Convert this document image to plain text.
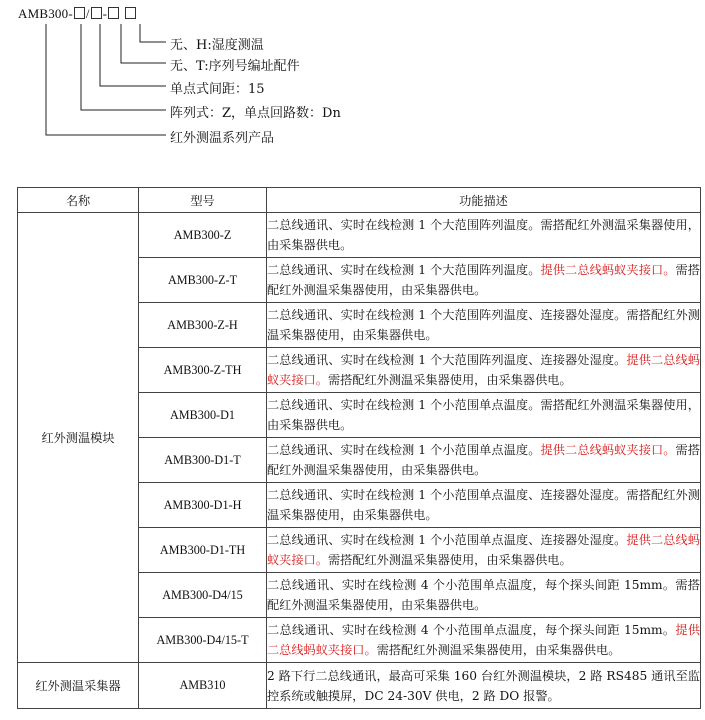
AMB300- / -
无、H:湿度测温
无、T:序列号编址配件
单点式间距：15
阵列式：Z，单点回路数：Dn
红外测温系列产品
名称	型号	功能描述
红外测温模块	AMB300-Z	二总线通讯、实时在线检测 1 个大范围阵列温度。需搭配红外测温采集器使用，由采集器供电。
	AMB300-Z-T	二总线通讯、实时在线检测 1 个大范围阵列温度。提供二总线蚂蚁夹接口。需搭配红外测温采集器使用，由采集器供电。
	AMB300-Z-H	二总线通讯、实时在线检测 1 个大范围阵列温度、连接器处湿度。需搭配红外测温采集器使用，由采集器供电。
	AMB300-Z-TH	二总线通讯、实时在线检测 1 个大范围阵列温度、连接器处湿度。提供二总线蚂蚁夹接口。需搭配红外测温采集器使用，由采集器供电。
	AMB300-D1	二总线通讯、实时在线检测 1 个小范围单点温度。需搭配红外测温采集器使用，由采集器供电。
	AMB300-D1-T	二总线通讯、实时在线检测 1 个小范围单点温度。提供二总线蚂蚁夹接口。需搭配红外测温采集器使用，由采集器供电。
	AMB300-D1-H	二总线通讯、实时在线检测 1 个小范围单点温度、连接器处湿度。需搭配红外测温采集器使用，由采集器供电。
	AMB300-D1-TH	二总线通讯、实时在线检测 1 个小范围单点温度、连接器处湿度。提供二总线蚂蚁夹接口。需搭配红外测温采集器使用，由采集器供电。
	AMB300-D4/15	二总线通讯、实时在线检测 4 个小范围单点温度，每个探头间距 15mm。需搭配红外测温采集器使用，由采集器供电。
	AMB300-D4/15-T	二总线通讯、实时在线检测 4 个小范围单点温度，每个探头间距 15mm。提供二总线蚂蚁夹接口。需搭配红外测温采集器使用，由采集器供电。
红外测温采集器	AMB310	2 路下行二总线通讯，最高可采集 160 台红外测温模块，2 路 RS485 通讯至监控系统或触摸屏，DC 24-30V 供电，2 路 DO 报警。
